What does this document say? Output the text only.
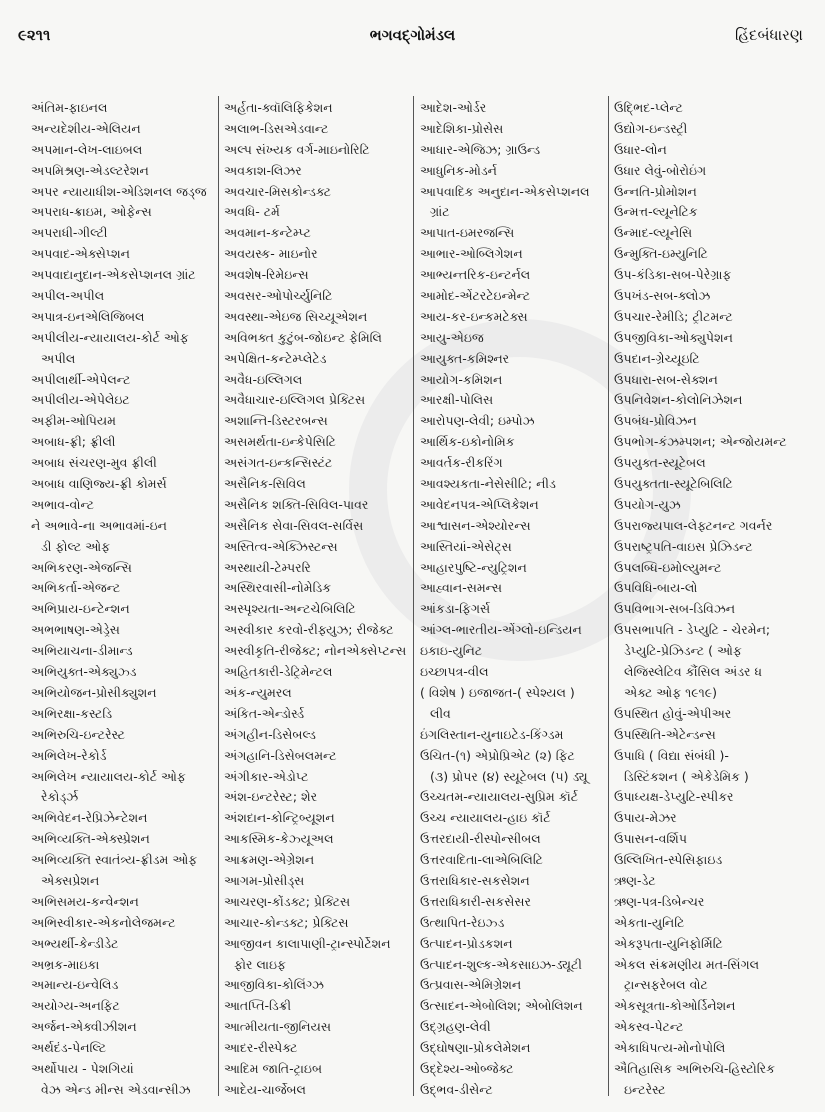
૯૨૧૧	ભગવદ્ગોમંડલ	હિંદબંધારણ
અંતિમ-ફાઇનલ
અન્યદેશીય-એલિયન
અપમાન-લેખ-લાઇબલ
અપમિશ્રણ-એડલ્ટરેશન
અપર ન્યાયાધીશ-એડિશનલ જડ્જ
અપરાધ-ક્રાઇમ, ઓફેન્સ
અપરાધી-ગીલ્ટી
અપવાદ-એક્સેપ્શન
અપવાદાનુદાન-એકસેપ્શનલ ગ્રાંટ
અપીલ-અપીલ
અપાત્ર-ઇનએલિજિબલ
અપીલીય-ન્યાયાલય-કોર્ટ ઓફ
અપીલ
અપીલાર્થી-એપેલન્ટ
અપીલીય-એપેલેઇટ
અફીમ-ઓપિયમ
અબાધ-ફ્રી; ફ્રીલી
અબાધ સંચરણ-મુવ ફ્રીલી
અબાધ વાણિજ્ય-ફ્રી કોમર્સ
અભાવ-વોન્ટ
ને અભાવે-ના અભાવમાં-ઇન
ડી ફોલ્ટ ઓફ
અભિકરણ-એજન્સિ
અભિકર્તા-એજન્ટ
અભિપ્રાય-ઇન્ટેન્શન
અભભાષણ-એડ્રેસ
અભિયાચના-ડીમાન્ડ
અભિયુક્ત-એક્યુઝ્ડ
અભિયોજન-પ્રોસીક્યુશન
અભિરક્ષા-કસ્ટડિ
અભિરુચિ-ઇન્ટરેસ્ટ
અભિલેખ-રેકોર્ડ
અભિલેખ ન્યાયાલય-કોર્ટ ઓફ
રેકોર્ડ્ઝ
અભિવેદન-રેપ્રિઝેન્ટેશન
અભિવ્યક્તિ-એક્સ્પ્રેશન
અભિવ્યક્તિ સ્વાતંત્ર્ય-ફ્રીડમ ઓફ
એક્સપ્રેશન
અભિસમય-કન્વેન્શન
અભિસ્વીકાર-એકનોલેજમન્ટ
અભ્યર્થી-કેન્ડીડેટ
અભ્રક-માઇકા
અમાન્ય-ઇન્વેલિડ
અયોગ્ય-અનફિટ
અર્જન-એક્વીઝીશન
અર્થદંડ-પેનલ્ટિ
અર્થોપાય - પેશગિયાં
વેઝ એન્ડ મીન્સ એડવાન્સીઝ
અર્હતા-ક્વૉલિફિકેશન
અલાભ-ડિસએડવાન્ટ
અલ્પ સંખ્યક વર્ગ-માઇનોરિટિ
અવકાશ-લિઝર
અવચાર-મિસકોન્ડક્ટ
અવધિ- ટર્મ
અવમાન-કન્ટેમ્પ્ટ
અવયસ્ક- માઇનોર
અવશેષ-રિમેઇન્સ
અવસર-ઓપોર્ચ્યુનિટિ
અવસ્થા-એઇજ સિચ્યૂએશન
અવિભક્ત કુટુંબ-જોઇન્ટ ફેમિલિ
અપેક્ષિત-કન્ટેમ્પ્લેટેડ
અવૈધ-ઇલ્લિગલ
અવૈધાચાર-ઇલ્લિગલ પ્રેક્ટિસ
અશાન્તિ-ડિસ્ટરબન્સ
અસમર્થતા-ઇન્કેપેસિટિ
અસંગત-ઇન્કન્સિસ્ટંટ
અસૈનિક-સિવિલ
અસૈનિક શક્તિ-સિવિલ-પાવર
અસૈનિક સેવા-સિવલ-સર્વિસ
અસ્તિત્વ-એક્ઝિસ્ટન્સ
અસ્થાયી-ટેમ્પરરિ
અસ્થિરવાસી-નોમેડિક
અસ્પૃશ્યતા-અન્ટચેબિલિટિ
અસ્વીકાર કરવો-રીફ્યુઝ; રીજેક્ટ
અસ્વીકૃતિ-રીજેક્ટ; નોનએક્સેપ્ટન્સ
અહિતકારી-ડેટ્રિમેન્ટલ
અંક-ન્યુમરલ
અંકિત-એન્ડોર્સ્ડ
અંગહીન-ડિસેબલ્ડ
અંગહાનિ-ડિસેબલમન્ટ
અંગીકાર-એડોપ્ટ
અંશ-ઇન્ટરેસ્ટ; શેર
અંશદાન-કોન્ટ્રિબ્યૂશન
આકસ્મિક-કેઝ્યૂઅલ
આક્રમણ-એગ્રેશન
આગમ-પ્રોસીડ્સ
આચરણ-કોંડક્ટ; પ્રેક્ટિસ
આચાર-કોન્ડક્ટ; પ્રેક્ટિસ
આજીવન કાલાપાણી-ટ્રાન્સ્પોર્ટેશન
ફોર લાઇફ
આજીવિકા-કોલિંગ્ઝ
આતપ્તિ-ડિક્રી
આત્મીયતા-જીનિયસ
આદર-રીસ્પેક્ટ
આદિમ જાતિ-ટ્રાઇબ
આદેય-ચાર્જેબલ
આદેશ-ઓર્ડર
આદેશિકા-પ્રોસેસ
આધાર-એજિઝ; ગ્રાઉન્ડ
આધુનિક-મોડર્ન
આપવાદિક અનુદાન-એકસેપ્શનલ
ગ્રાંટ
આપાત-ઇમરજન્સિ
આભાર-ઓબ્લિગેશન
આભ્યન્તરિક-ઇન્ટર્નલ
આમોદ-એંટરટેઇન્મેન્ટ
આય-કર-ઇન્કમટેક્સ
આયુ-એઇજ
આયુક્ત-કમિશ્નર
આયોગ-કમિશન
આરક્ષી-પોલિસ
આરોપણ-લેવી; ઇમ્પોઝ
આર્થિક-ઇકોનોમિક
આવર્તક-રીકરિંગ
આવશ્યકતા-નેસેસીટિ; નીડ
આવેદનપત્ર-એપ્લિકેશન
આશ્વાસન-એશ્યોરન્સ
આસ્તિયાં-એસેટ્સ
આહારપુષ્ટિ-ન્યુટ્રિશન
આહ્વાન-સમન્સ
આંકડા-ફિગર્સ
આંગ્લ-ભારતીય-એંગ્લો-ઇન્ડિયન
ઇકાઇ-યુનિટ
ઇચ્છાપત્ર-વીલ
( વિશેષ ) ઇજાજત-( સ્પેશ્યલ )
લીવ
ઇંગલિસ્તાન-યુનાઇટેડ-કિંગ્ડમ
ઉચિત-(૧) એપ્રોપ્રિએટ (૨) ફિટ
(૩) પ્રોપર (૪) સ્યૂટેબલ (૫) ડ્યૂ
ઉચ્ચતમ-ન્યાયાલય-સુપ્રિમ કૉર્ટ
ઉચ્ચ ન્યાયાલય-હાઇ કૉર્ટ
ઉત્તરદાયી-રીસ્પોન્સીબલ
ઉત્તરવાદિતા-લાએબિલિટિ
ઉત્તરાધિકાર-સકસેશન
ઉત્તરાધિકારી-સકસેસર
ઉત્થાપિત-રેઇઝ્ડ
ઉત્પાદન-પ્રોડકશન
ઉત્પાદન-શુલ્ક-એકસાઇઝ-ડ્યૂટી
ઉત્પ્રવાસ-એમિગ્રેશન
ઉત્સાદન-એબોલિશ; એબોલિશન
ઉદ્ગ્રહણ-લેવી
ઉદ્ઘોષણા-પ્રોકલેમેશન
ઉદ્દેશ્ય-ઓબ્જેક્ટ
ઉદ્ભવ-ડીસેન્ટ
ઉદ્ભિદ-પ્લેન્ટ
ઉદ્યોગ-ઇન્ડસ્ટ્રી
ઉધાર-લોન
ઉધાર લેવું-બોરોઇંગ
ઉન્નતિ-પ્રોમોશન
ઉન્મત્ત-લ્યૂનેટિક
ઉન્માદ-લ્યૂનેસિ
ઉન્મુક્તિ-ઇમ્યુનિટિ
ઉપ-કંડિકા-સબ-પેરેગ્રાફ
ઉપખંડ-સબ-ક્લોઝ
ઉપચાર-રેમીડિ; ટ્રીટમન્ટ
ઉપજીવિકા-ઓક્યુપેશન
ઉપદાન-ગ્રેચ્યૂઇટિ
ઉપધારા-સબ-સેક્શન
ઉપનિવેશન-કોલોનિઝેશન
ઉપબંધ-પ્રોવિઝન
ઉપભોગ-કંઝમ્પશન; એન્જોયમન્ટ
ઉપયુક્ત-સ્યૂટેબલ
ઉપયુક્તતા-સ્યૂટેબિલિટિ
ઉપયોગ-યુઝ
ઉપરાજ્યપાલ-લેફ્ટનન્ટ ગવર્નર
ઉપરાષ્ટ્રપતિ-વાઇસ પ્રેઝિડન્ટ
ઉપલબ્ધિ-ઇમોલ્યુમન્ટ
ઉપવિધિ-બાય-લો
ઉપવિભાગ-સબ-ડિવિઝન
ઉપસભાપતિ - ડેપ્યુટિ - ચેરમેન;
ડેપ્યુટિ-પ્રેઝિડન્ટ ( ઓફ
લેજિસ્લેટિવ કૌંસિલ અંડર ધ
એક્ટ ઓફ ૧૯૧૯)
ઉપસ્થિત હોવું-એપીઅર
ઉપસ્થિતિ-એટેન્ડન્સ
ઉપાધિ ( વિદ્યા સંબંધી )-
ડિસ્ટિંકશન ( એકેડેમિક )
ઉપાધ્યક્ષ-ડેપ્યુટિ-સ્પીકર
ઉપાય-મેઝર
ઉપાસન-વર્શિપ
ઉલ્લિખિત-સ્પેસિફાઇડ
ઋણ-ડેટ
ઋણ-પત્ર-ડિબેન્ચર
એકતા-યુનિટિ
એકરૂપતા-યુનિફોર્મિટિ
એકલ સંક્રમણીય મત-સિંગલ
ટ્રાન્સફરેબલ વોટ
એકસૂત્રતા-કોઓર્ડિનેશન
એકસ્વ-પેટન્ટ
એકાધિપત્ય-મોનોપોલિ
ઐતિહાસિક અભિરુચિ-હિસ્ટોરિક
ઇન્ટરેસ્ટ
